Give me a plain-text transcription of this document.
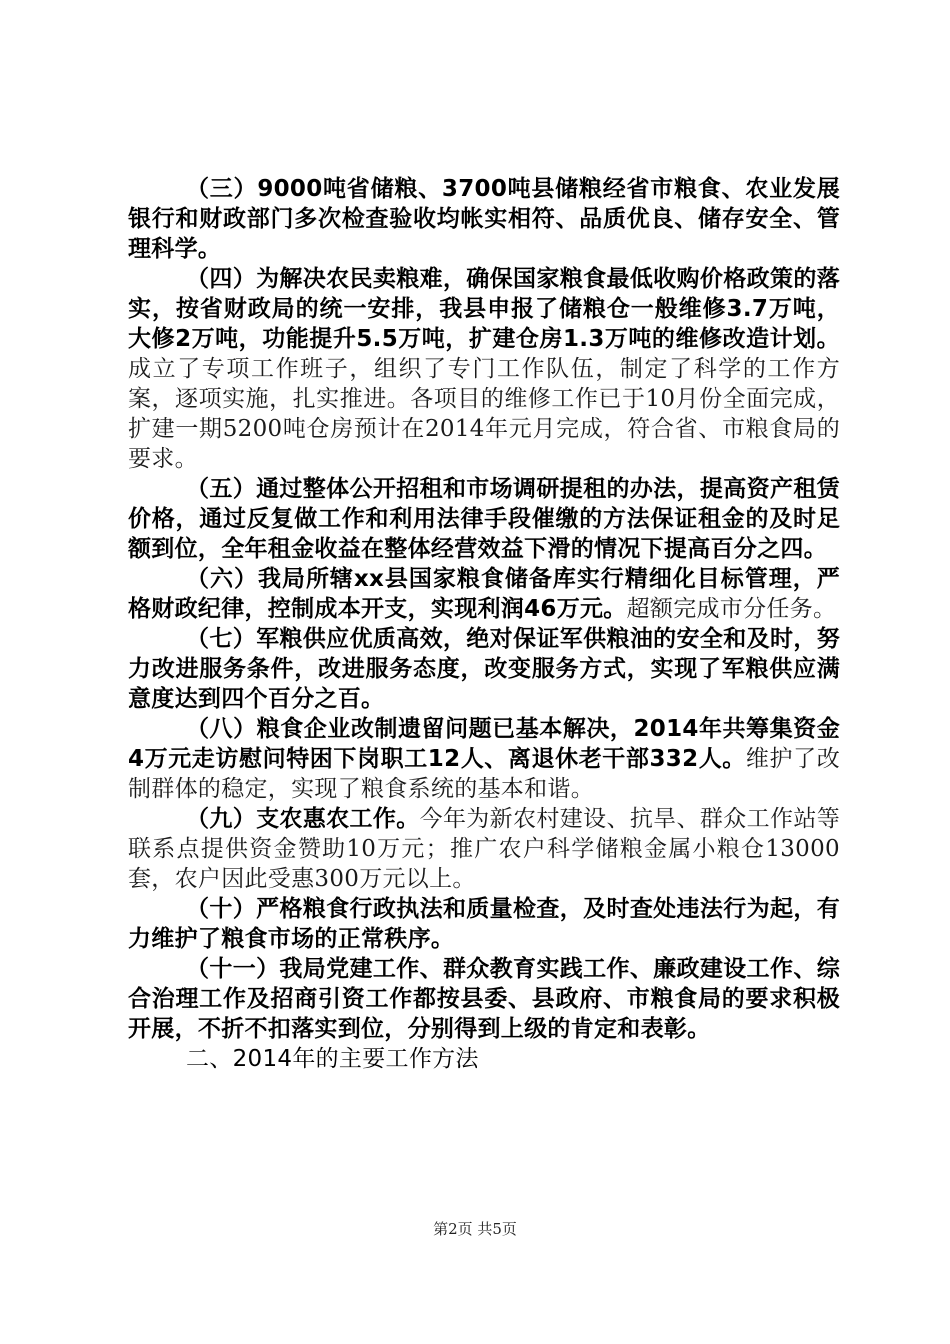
（三）9000吨省储粮、3700吨县储粮经省市粮食、农业发展银行和财政部门多次检查验收均帐实相符、品质优良、储存安全、管理科学。

（四）为解决农民卖粮难，确保国家粮食最低收购价格政策的落实，按省财政局的统一安排，我县申报了储粮仓一般维修3.7万吨，大修2万吨，功能提升5.5万吨，扩建仓房1.3万吨的维修改造计划。成立了专项工作班子，组织了专门工作队伍，制定了科学的工作方案，逐项实施，扎实推进。各项目的维修工作已于10月份全面完成，扩建一期5200吨仓房预计在2014年元月完成，符合省、市粮食局的要求。

（五）通过整体公开招租和市场调研提租的办法，提高资产租赁价格，通过反复做工作和利用法律手段催缴的方法保证租金的及时足额到位，全年租金收益在整体经营效益下滑的情况下提高百分之四。

（六）我局所辖xx县国家粮食储备库实行精细化目标管理，严格财政纪律，控制成本开支，实现利润46万元。超额完成市分任务。

（七）军粮供应优质高效，绝对保证军供粮油的安全和及时，努力改进服务条件，改进服务态度，改变服务方式，实现了军粮供应满意度达到四个百分之百。

（八）粮食企业改制遗留问题已基本解决，2014年共筹集资金4万元走访慰问特困下岗职工12人、离退休老干部332人。维护了改制群体的稳定，实现了粮食系统的基本和谐。

（九）支农惠农工作。今年为新农村建设、抗旱、群众工作站等联系点提供资金赞助10万元；推广农户科学储粮金属小粮仓13000套，农户因此受惠300万元以上。

（十）严格粮食行政执法和质量检查，及时查处违法行为起，有力维护了粮食市场的正常秩序。

（十一）我局党建工作、群众教育实践工作、廉政建设工作、综合治理工作及招商引资工作都按县委、县政府、市粮食局的要求积极开展，不折不扣落实到位，分别得到上级的肯定和表彰。

二、2014年的主要工作方法

第2页 共5页
